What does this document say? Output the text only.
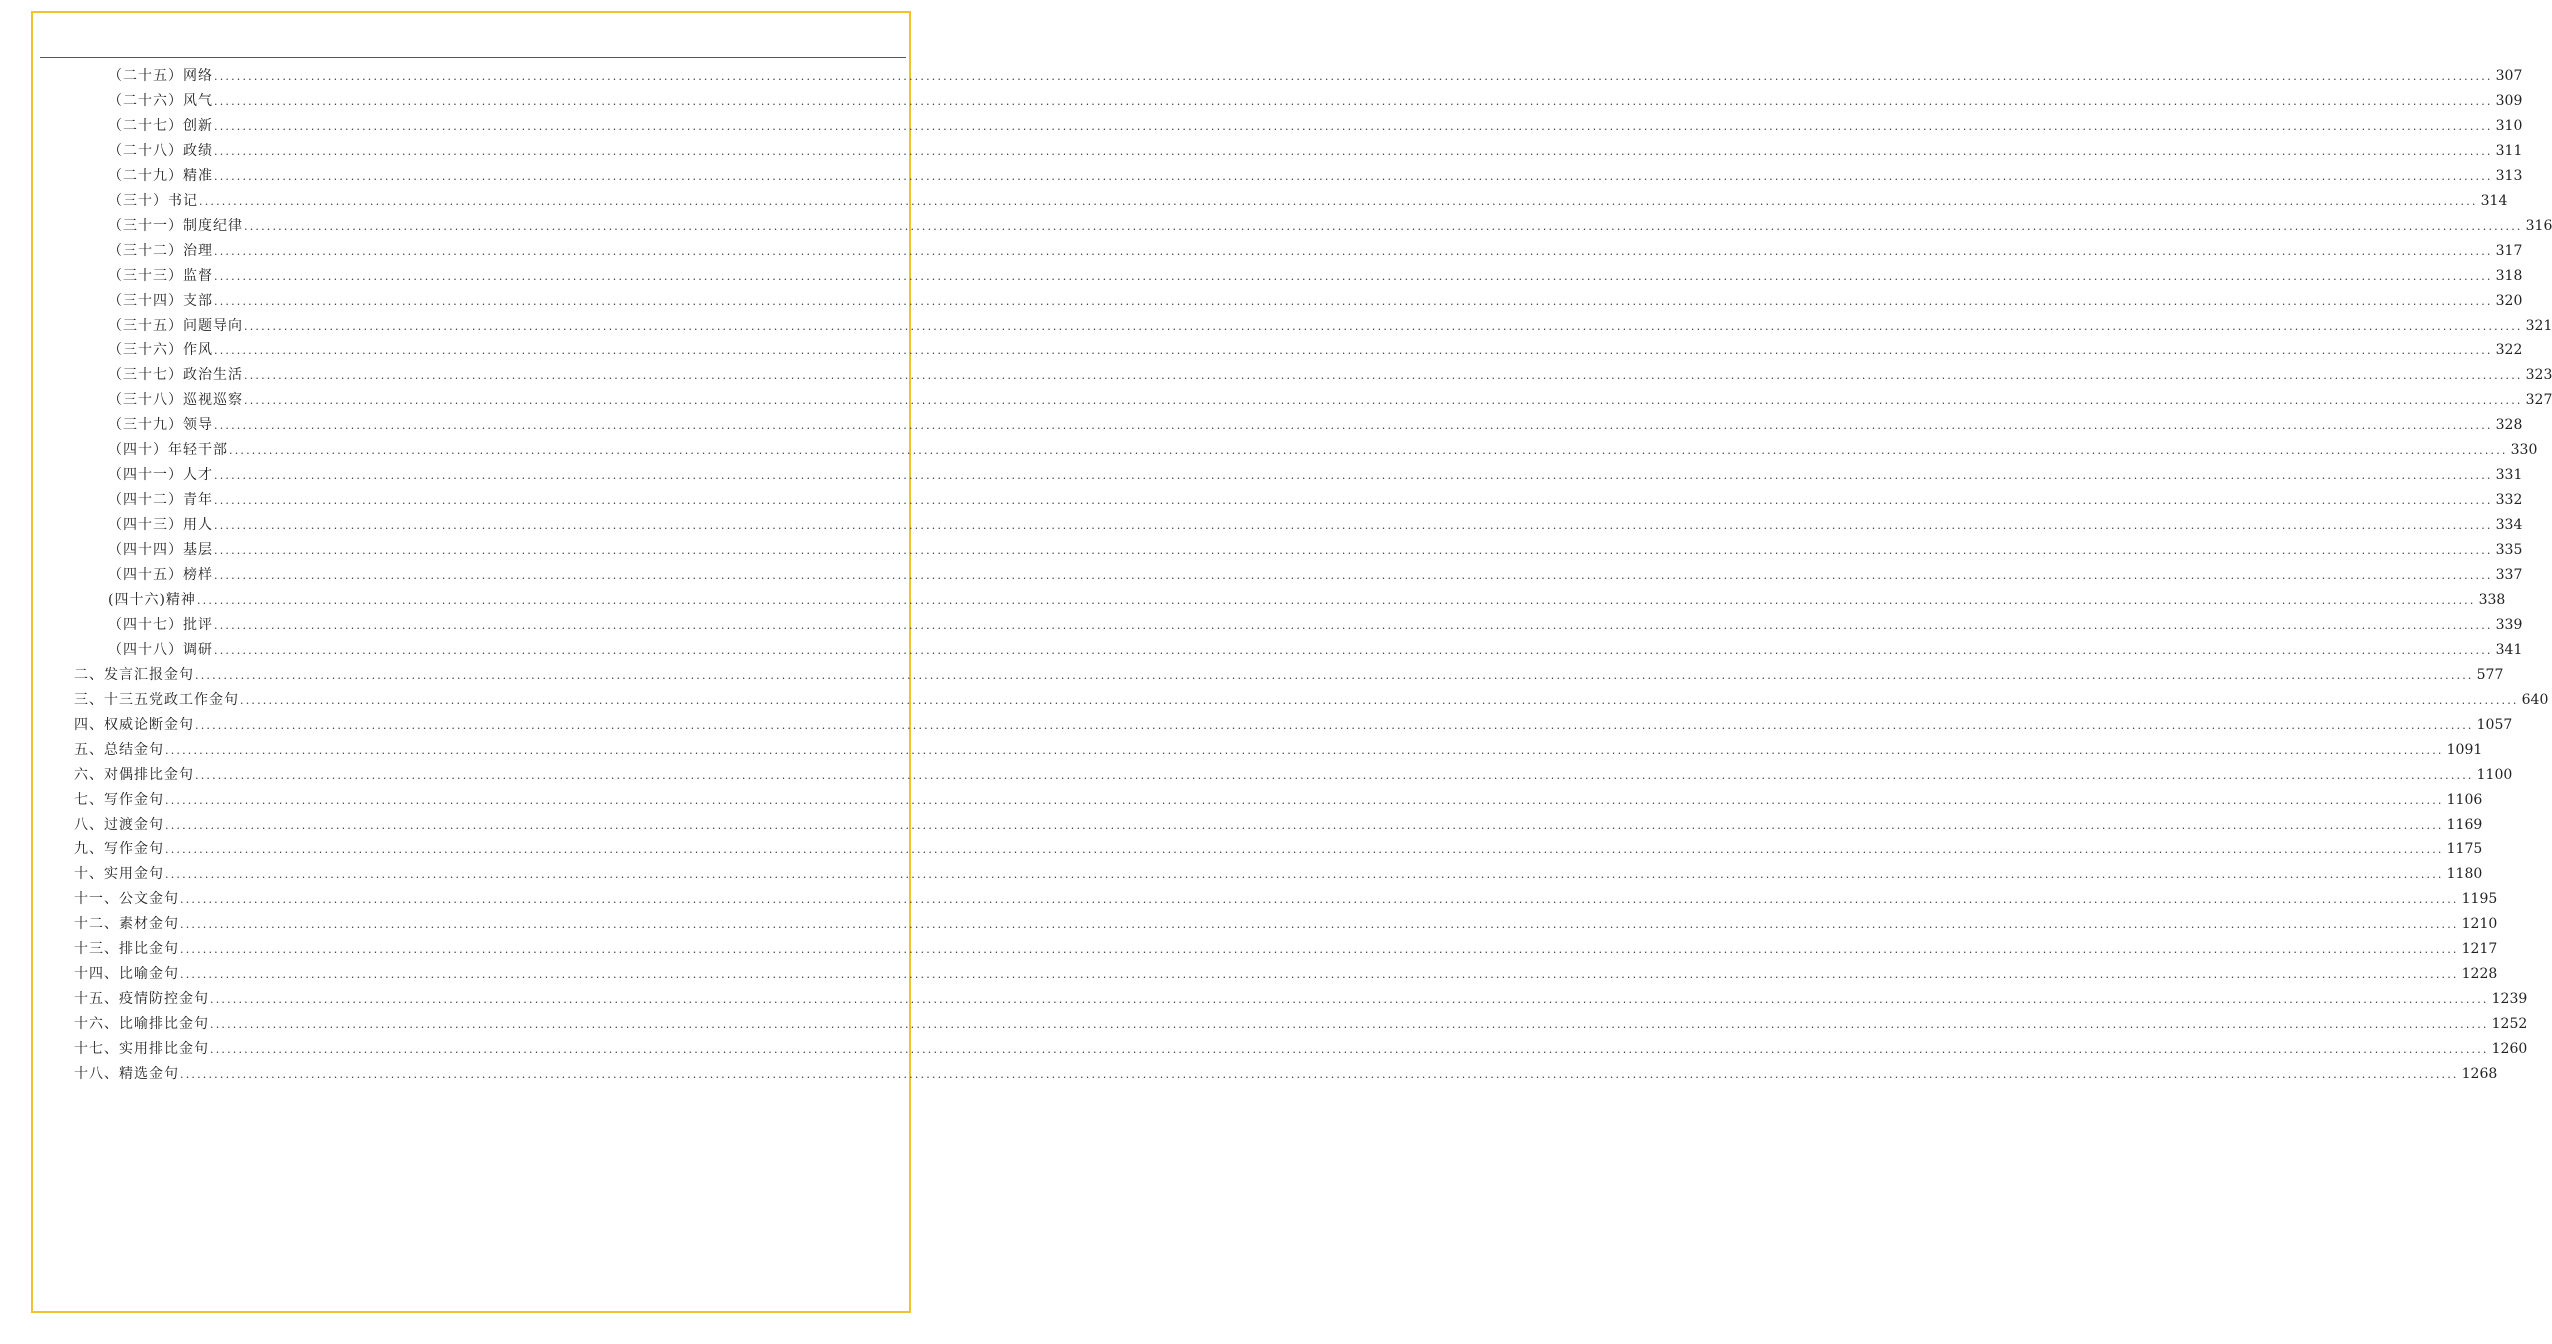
（二十五）网络 ................................................................................................................................................................................................................................................................................................................................................................................................................ 307
（二十六）风气 ................................................................................................................................................................................................................................................................................................................................................................................................................ 309
（二十七）创新 ................................................................................................................................................................................................................................................................................................................................................................................................................ 310
（二十八）政绩 ................................................................................................................................................................................................................................................................................................................................................................................................................ 311
（二十九）精准 ................................................................................................................................................................................................................................................................................................................................................................................................................ 313
（三十）书记 ................................................................................................................................................................................................................................................................................................................................................................................................................ 314
（三十一）制度纪律 ................................................................................................................................................................................................................................................................................................................................................................................................................ 316
（三十二）治理 ................................................................................................................................................................................................................................................................................................................................................................................................................ 317
（三十三）监督 ................................................................................................................................................................................................................................................................................................................................................................................................................ 318
（三十四）支部 ................................................................................................................................................................................................................................................................................................................................................................................................................ 320
（三十五）问题导向 ................................................................................................................................................................................................................................................................................................................................................................................................................ 321
（三十六）作风 ................................................................................................................................................................................................................................................................................................................................................................................................................ 322
（三十七）政治生活 ................................................................................................................................................................................................................................................................................................................................................................................................................ 323
（三十八）巡视巡察 ................................................................................................................................................................................................................................................................................................................................................................................................................ 327
（三十九）领导 ................................................................................................................................................................................................................................................................................................................................................................................................................ 328
（四十）年轻干部 ................................................................................................................................................................................................................................................................................................................................................................................................................ 330
（四十一）人才 ................................................................................................................................................................................................................................................................................................................................................................................................................ 331
（四十二）青年 ................................................................................................................................................................................................................................................................................................................................................................................................................ 332
（四十三）用人 ................................................................................................................................................................................................................................................................................................................................................................................................................ 334
（四十四）基层 ................................................................................................................................................................................................................................................................................................................................................................................................................ 335
（四十五）榜样 ................................................................................................................................................................................................................................................................................................................................................................................................................ 337
(四十六)精神 ................................................................................................................................................................................................................................................................................................................................................................................................................ 338
（四十七）批评 ................................................................................................................................................................................................................................................................................................................................................................................................................ 339
（四十八）调研 ................................................................................................................................................................................................................................................................................................................................................................................................................ 341
二、发言汇报金句 ................................................................................................................................................................................................................................................................................................................................................................................................................ 577
三、十三五党政工作金句 ................................................................................................................................................................................................................................................................................................................................................................................................................ 640
四、权威论断金句 ................................................................................................................................................................................................................................................................................................................................................................................................................ 1057
五、总结金句 ................................................................................................................................................................................................................................................................................................................................................................................................................ 1091
六、对偶排比金句 ................................................................................................................................................................................................................................................................................................................................................................................................................ 1100
七、写作金句 ................................................................................................................................................................................................................................................................................................................................................................................................................ 1106
八、过渡金句 ................................................................................................................................................................................................................................................................................................................................................................................................................ 1169
九、写作金句 ................................................................................................................................................................................................................................................................................................................................................................................................................ 1175
十、实用金句 ................................................................................................................................................................................................................................................................................................................................................................................................................ 1180
十一、公文金句 ................................................................................................................................................................................................................................................................................................................................................................................................................ 1195
十二、素材金句 ................................................................................................................................................................................................................................................................................................................................................................................................................ 1210
十三、排比金句 ................................................................................................................................................................................................................................................................................................................................................................................................................ 1217
十四、比喻金句 ................................................................................................................................................................................................................................................................................................................................................................................................................ 1228
十五、疫情防控金句 ................................................................................................................................................................................................................................................................................................................................................................................................................ 1239
十六、比喻排比金句 ................................................................................................................................................................................................................................................................................................................................................................................................................ 1252
十七、实用排比金句 ................................................................................................................................................................................................................................................................................................................................................................................................................ 1260
十八、精选金句 ................................................................................................................................................................................................................................................................................................................................................................................................................ 1268
